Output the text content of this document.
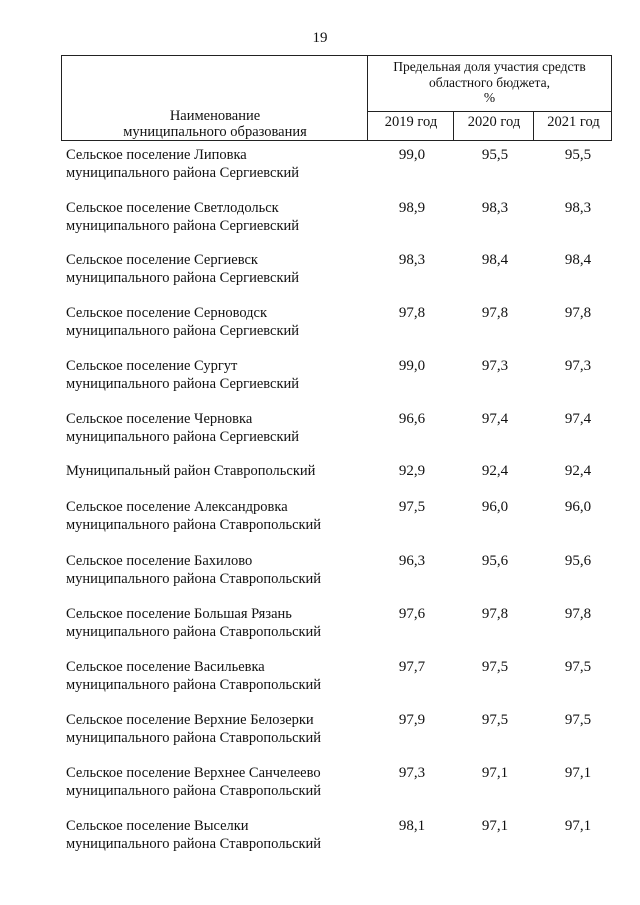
19
Предельная доля участия средств
областного бюджета,
%
Наименование
муниципального образования
2019 год	2020 год	2021 год
Сельское поселение Липовка
муниципального района Сергиевский
99,0	95,5	95,5
Сельское поселение Светлодольск
муниципального района Сергиевский
98,9	98,3	98,3
Сельское поселение Сергиевск
муниципального района Сергиевский
98,3	98,4	98,4
Сельское поселение Серноводск
муниципального района Сергиевский
97,8	97,8	97,8
Сельское поселение Сургут
муниципального района Сергиевский
99,0	97,3	97,3
Сельское поселение Черновка
муниципального района Сергиевский
96,6	97,4	97,4
Муниципальный район Ставропольский	92,9	92,4	92,4
Сельское поселение Александровка
муниципального района Ставропольский
97,5	96,0	96,0
Сельское поселение Бахилово
муниципального района Ставропольский
96,3	95,6	95,6
Сельское поселение Большая Рязань
муниципального района Ставропольский
97,6	97,8	97,8
Сельское поселение Васильевка
муниципального района Ставропольский
97,7	97,5	97,5
Сельское поселение Верхние Белозерки
муниципального района Ставропольский
97,9	97,5	97,5
Сельское поселение Верхнее Санчелеево
муниципального района Ставропольский
97,3	97,1	97,1
Сельское поселение Выселки
муниципального района Ставропольский
98,1	97,1	97,1
